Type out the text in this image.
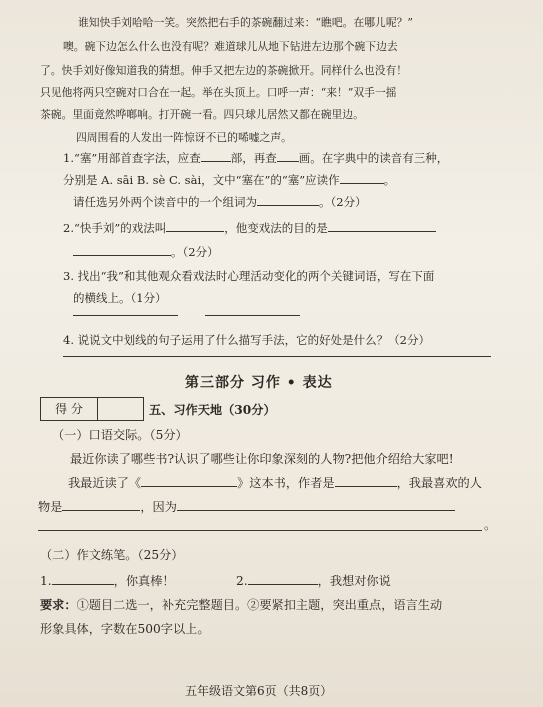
谁知快手刘哈哈一笑。突然把右手的茶碗翻过来：“瞧吧。在哪儿呢？”
噢。碗下边怎么什么也没有呢？难道球儿从地下钻进左边那个碗下边去
了。快手刘好像知道我的猜想。伸手又把左边的茶碗掀开。同样什么也没有！
只见他将两只空碗对口合在一起。举在头顶上。口呼一声：“来！”双手一摇
茶碗。里面竟然哗啷响。打开碗一看。四只球儿居然又都在碗里边。
四周围看的人发出一阵惊讶不已的唏嘘之声。
1.“塞”用部首查字法，应查	部，再查 画。在字典中的读音有三种，
分别是 A. sāi B. sè C. sài，文中“塞在”的“塞”应读作	。
请任选另外两个读音中的一个组词为	。（2分）
2.“快手刘”的戏法叫	，他变戏法的目的是
。（2分）
3. 找出“我”和其他观众看戏法时心理活动变化的两个关键词语，写在下面
的横线上。（1分）
4. 说说文中划线的句子运用了什么描写手法，它的好处是什么？（2分）
第三部分 习作 • 表达
得 分	五、习作天地（30分）
（一）口语交际。（5分）
最近你读了哪些书?认识了哪些让你印象深刻的人物?把他介绍给大家吧!
我最近读了《	》这本书，作者是	，我最喜欢的人
物是	，因为
。
（二）作文练笔。（25分）
1.	，你真棒！	2.	，我想对你说
要求：①题目二选一，补充完整题目。②要紧扣主题，突出重点，语言生动
形象具体，字数在500字以上。
五年级语文第6页（共8页）
